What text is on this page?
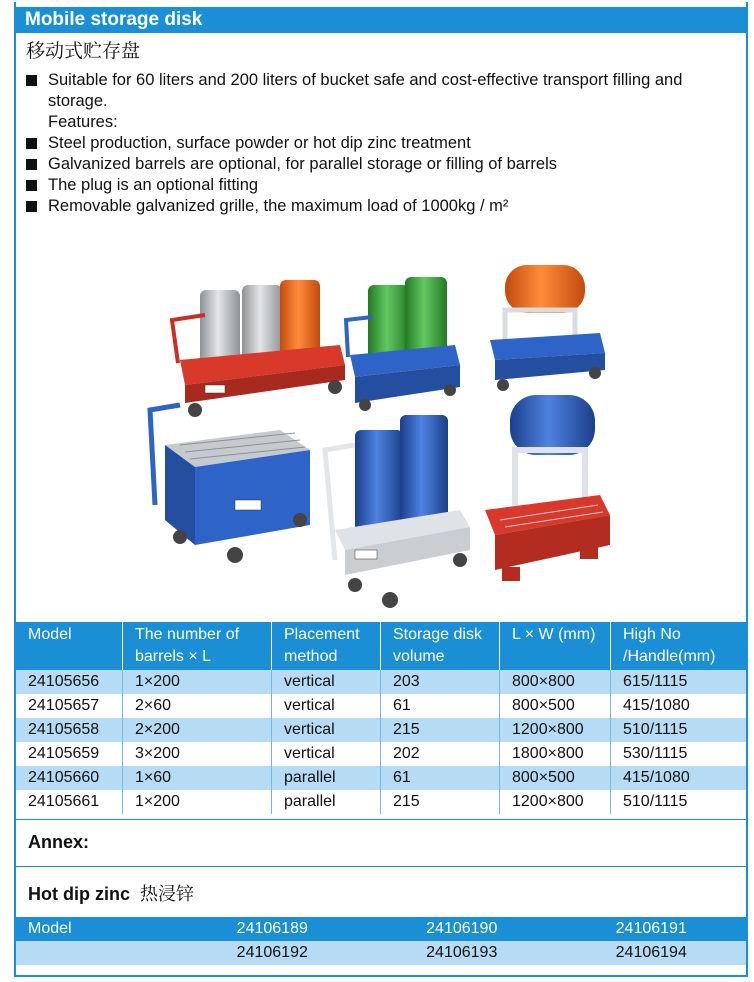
Mobile storage disk
移动式贮存盘
Suitable for 60 liters and 200 liters of bucket safe and cost-effective transport filling and storage.
Features:
Steel production, surface powder or hot dip zinc treatment
Galvanized barrels are optional, for parallel storage or filling of barrels
The plug is an optional fitting
Removable galvanized grille, the maximum load of 1000kg / m²
Model	The number of barrels × L	Placement method	Storage disk volume	L × W (mm)	High No /Handle(mm)
24105656	1×200	vertical	203	800×800	615/1115
24105657	2×60	vertical	61	800×500	415/1080
24105658	2×200	vertical	215	1200×800	510/1115
24105659	3×200	vertical	202	1800×800	530/1115
24105660	1×60	parallel	61	800×500	415/1080
24105661	1×200	parallel	215	1200×800	510/1115
Annex:
Hot dip zinc 热浸锌
Model	24106189	24106190	24106191
	24106192	24106193	24106194
